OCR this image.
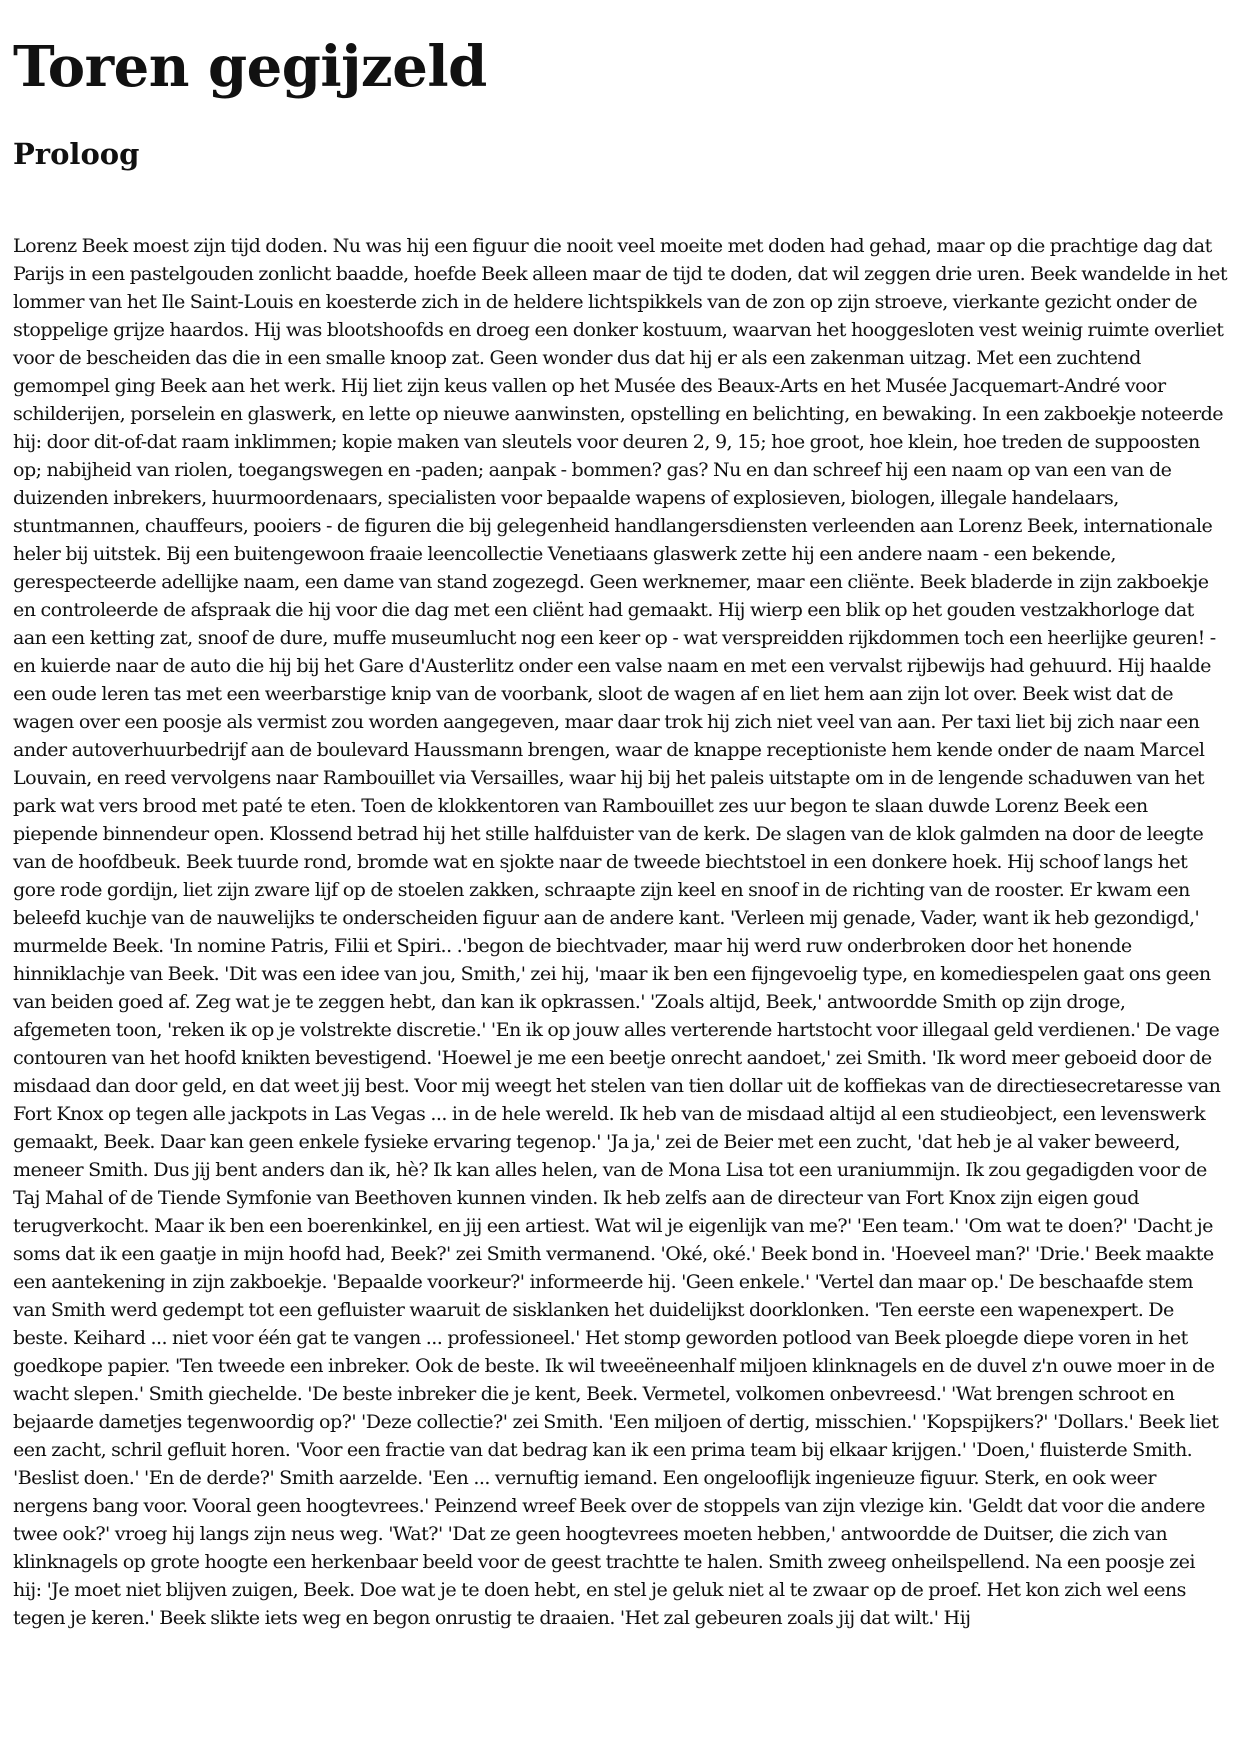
Toren gegijzeld
Proloog

Lorenz Beek moest zijn tijd doden. Nu was hij een figuur die nooit veel moeite met doden had gehad, maar op die prachtige dag dat Parijs in een pastelgouden zonlicht baadde, hoefde Beek alleen maar de tijd te doden, dat wil zeggen drie uren. Beek wandelde in het lommer van het Ile Saint-Louis en koesterde zich in de heldere lichtspikkels van de zon op zijn stroeve, vierkante gezicht onder de stoppelige grijze haardos. Hij was blootshoofds en droeg een donker kostuum, waarvan het hooggesloten vest weinig ruimte overliet voor de bescheiden das die in een smalle knoop zat. Geen wonder dus dat hij er als een zakenman uitzag. Met een zuchtend gemompel ging Beek aan het werk. Hij liet zijn keus vallen op het Musée des Beaux-Arts en het Musée Jacquemart-André voor schilderijen, porselein en glaswerk, en lette op nieuwe aanwinsten, opstelling en belichting, en bewaking. In een zakboekje noteerde hij: door dit-of-dat raam inklimmen; kopie maken van sleutels voor deuren 2, 9, 15; hoe groot, hoe klein, hoe treden de suppoosten op; nabijheid van riolen, toegangswegen en -paden; aanpak - bommen? gas? Nu en dan schreef hij een naam op van een van de duizenden inbrekers, huurmoordenaars, specialisten voor bepaalde wapens of explosieven, biologen, illegale handelaars, stuntmannen, chauffeurs, pooiers - de figuren die bij gelegenheid handlangersdiensten verleenden aan Lorenz Beek, internationale heler bij uitstek. Bij een buitengewoon fraaie leencollectie Venetiaans glaswerk zette hij een andere naam - een bekende, gerespecteerde adellijke naam, een dame van stand zogezegd. Geen werknemer, maar een cliënte. Beek bladerde in zijn zakboekje en controleerde de afspraak die hij voor die dag met een cliënt had gemaakt. Hij wierp een blik op het gouden vestzakhorloge dat aan een ketting zat, snoof de dure, muffe museumlucht nog een keer op - wat verspreidden rijkdommen toch een heerlijke geuren! - en kuierde naar de auto die hij bij het Gare d'Austerlitz onder een valse naam en met een vervalst rijbewijs had gehuurd. Hij haalde een oude leren tas met een weerbarstige knip van de voorbank, sloot de wagen af en liet hem aan zijn lot over. Beek wist dat de wagen over een poosje als vermist zou worden aangegeven, maar daar trok hij zich niet veel van aan. Per taxi liet bij zich naar een ander autoverhuurbedrijf aan de boulevard Haussmann brengen, waar de knappe receptioniste hem kende onder de naam Marcel Louvain, en reed vervolgens naar Rambouillet via Versailles, waar hij bij het paleis uitstapte om in de lengende schaduwen van het park wat vers brood met paté te eten. Toen de klokkentoren van Rambouillet zes uur begon te slaan duwde Lorenz Beek een piepende binnendeur open. Klossend betrad hij het stille halfduister van de kerk. De slagen van de klok galmden na door de leegte van de hoofdbeuk. Beek tuurde rond, bromde wat en sjokte naar de tweede biechtstoel in een donkere hoek. Hij schoof langs het gore rode gordijn, liet zijn zware lijf op de stoelen zakken, schraapte zijn keel en snoof in de richting van de rooster. Er kwam een beleefd kuchje van de nauwelijks te onderscheiden figuur aan de andere kant. 'Verleen mij genade, Vader, want ik heb gezondigd,' murmelde Beek. 'In nomine Patris, Filii et Spiri.. .'begon de biechtvader, maar hij werd ruw onderbroken door het honende hinniklachje van Beek. 'Dit was een idee van jou, Smith,' zei hij, 'maar ik ben een fijngevoelig type, en komediespelen gaat ons geen van beiden goed af. Zeg wat je te zeggen hebt, dan kan ik opkrassen.' 'Zoals altijd, Beek,' antwoordde Smith op zijn droge, afgemeten toon, 'reken ik op je volstrekte discretie.' 'En ik op jouw alles verterende hartstocht voor illegaal geld verdienen.' De vage contouren van het hoofd knikten bevestigend. 'Hoewel je me een beetje onrecht aandoet,' zei Smith. 'Ik word meer geboeid door de misdaad dan door geld, en dat weet jij best. Voor mij weegt het stelen van tien dollar uit de koffiekas van de directiesecretaresse van Fort Knox op tegen alle jackpots in Las Vegas ... in de hele wereld. Ik heb van de misdaad altijd al een studieobject, een levenswerk gemaakt, Beek. Daar kan geen enkele fysieke ervaring tegenop.' 'Ja ja,' zei de Beier met een zucht, 'dat heb je al vaker beweerd, meneer Smith. Dus jij bent anders dan ik, hè? Ik kan alles helen, van de Mona Lisa tot een uraniummijn. Ik zou gegadigden voor de Taj Mahal of de Tiende Symfonie van Beethoven kunnen vinden. Ik heb zelfs aan de directeur van Fort Knox zijn eigen goud terugverkocht. Maar ik ben een boerenkinkel, en jij een artiest. Wat wil je eigenlijk van me?' 'Een team.' 'Om wat te doen?' 'Dacht je soms dat ik een gaatje in mijn hoofd had, Beek?' zei Smith vermanend. 'Oké, oké.' Beek bond in. 'Hoeveel man?' 'Drie.' Beek maakte een aantekening in zijn zakboekje. 'Bepaalde voorkeur?' informeerde hij. 'Geen enkele.' 'Vertel dan maar op.' De beschaafde stem van Smith werd gedempt tot een gefluister waaruit de sisklanken het duidelijkst doorklonken. 'Ten eerste een wapenexpert. De beste. Keihard ... niet voor één gat te vangen ... professioneel.' Het stomp geworden potlood van Beek ploegde diepe voren in het goedkope papier. 'Ten tweede een inbreker. Ook de beste. Ik wil tweeëneenhalf miljoen klinknagels en de duvel z'n ouwe moer in de wacht slepen.' Smith giechelde. 'De beste inbreker die je kent, Beek. Vermetel, volkomen onbevreesd.' 'Wat brengen schroot en bejaarde dametjes tegenwoordig op?' 'Deze collectie?' zei Smith. 'Een miljoen of dertig, misschien.' 'Kopspijkers?' 'Dollars.' Beek liet een zacht, schril gefluit horen. 'Voor een fractie van dat bedrag kan ik een prima team bij elkaar krijgen.' 'Doen,' fluisterde Smith. 'Beslist doen.' 'En de derde?' Smith aarzelde. 'Een ... vernuftig iemand. Een ongelooflijk ingenieuze figuur. Sterk, en ook weer nergens bang voor. Vooral geen hoogtevrees.' Peinzend wreef Beek over de stoppels van zijn vlezige kin. 'Geldt dat voor die andere twee ook?' vroeg hij langs zijn neus weg. 'Wat?' 'Dat ze geen hoogtevrees moeten hebben,' antwoordde de Duitser, die zich van klinknagels op grote hoogte een herkenbaar beeld voor de geest trachtte te halen. Smith zweeg onheilspellend. Na een poosje zei hij: 'Je moet niet blijven zuigen, Beek. Doe wat je te doen hebt, en stel je geluk niet al te zwaar op de proef. Het kon zich wel eens tegen je keren.' Beek slikte iets weg en begon onrustig te draaien. 'Het zal gebeuren zoals jij dat wilt.' Hij
